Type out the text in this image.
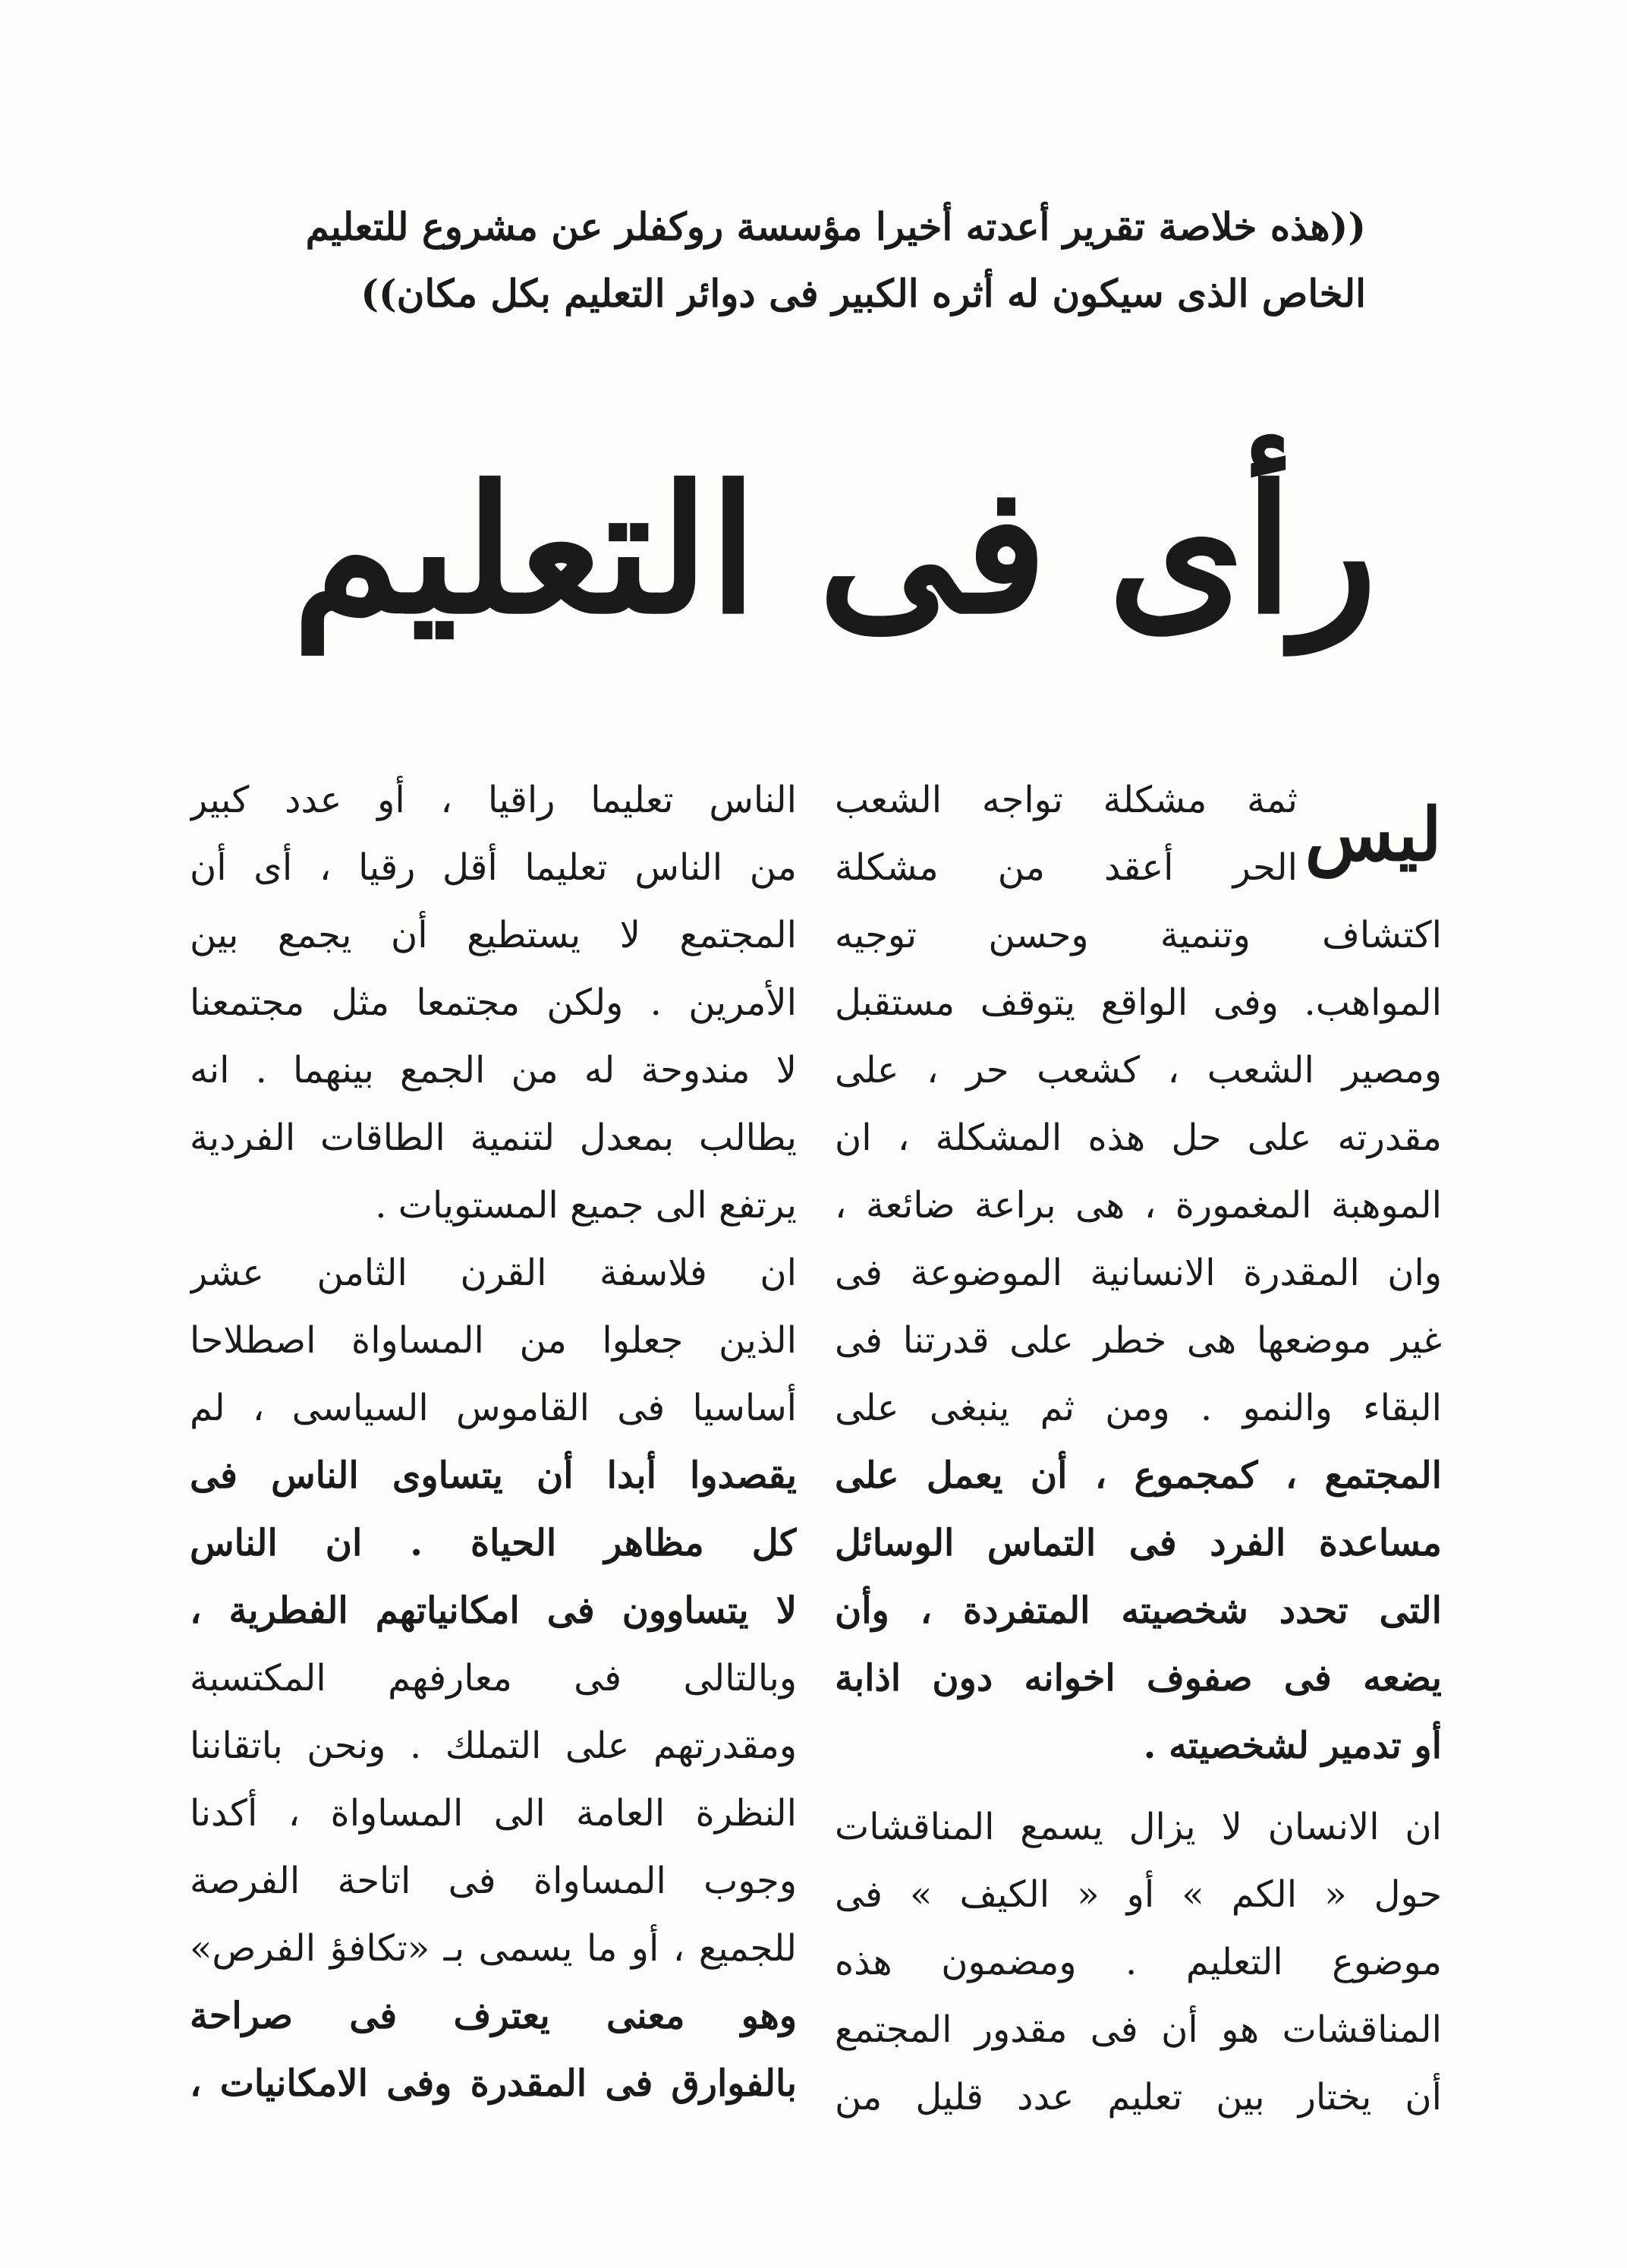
((هذه خلاصة تقرير أعدته أخيرا مؤسسة روكفلر عن مشروع للتعليم
الخاص الذى سيكون له أثره الكبير فى دوائر التعليم بكل مكان))
رأى فى التعليم
ليس
ثمة مشكلة تواجه الشعب
الحر أعقد من مشكلة
اكتشاف وتنمية وحسن توجيه
المواهب. وفى الواقع يتوقف مستقبل
ومصير الشعب ، كشعب حر ، على
مقدرته على حل هذه المشكلة ، ان
الموهبة المغمورة ، هى براعة ضائعة ،
وان المقدرة الانسانية الموضوعة فى
غير موضعها هى خطر على قدرتنا فى
البقاء والنمو . ومن ثم ينبغى على
المجتمع ، كمجموع ، أن يعمل على
مساعدة الفرد فى التماس الوسائل
التى تحدد شخصيته المتفردة ، وأن
يضعه فى صفوف اخوانه دون اذابة
أو تدمير لشخصيته .
ان الانسان لا يزال يسمع المناقشات
حول « الكم » أو « الكيف » فى
موضوع التعليم . ومضمون هذه
المناقشات هو أن فى مقدور المجتمع
أن يختار بين تعليم عدد قليل من
الناس تعليما راقيا ، أو عدد كبير
من الناس تعليما أقل رقيا ، أى أن
المجتمع لا يستطيع أن يجمع بين
الأمرين . ولكن مجتمعا مثل مجتمعنا
لا مندوحة له من الجمع بينهما . انه
يطالب بمعدل لتنمية الطاقات الفردية
يرتفع الى جميع المستويات .
ان فلاسفة القرن الثامن عشر
الذين جعلوا من المساواة اصطلاحا
أساسيا فى القاموس السياسى ، لم
يقصدوا أبدا أن يتساوى الناس فى
كل مظاهر الحياة . ان الناس
لا يتساوون فى امكانياتهم الفطرية ،
وبالتالى فى معارفهم المكتسبة
ومقدرتهم على التملك . ونحن باتقاننا
النظرة العامة الى المساواة ، أكدنا
وجوب المساواة فى اتاحة الفرصة
للجميع ، أو ما يسمى بـ «تكافؤ الفرص»
وهو معنى يعترف فى صراحة
بالفوارق فى المقدرة وفى الامكانيات ،
